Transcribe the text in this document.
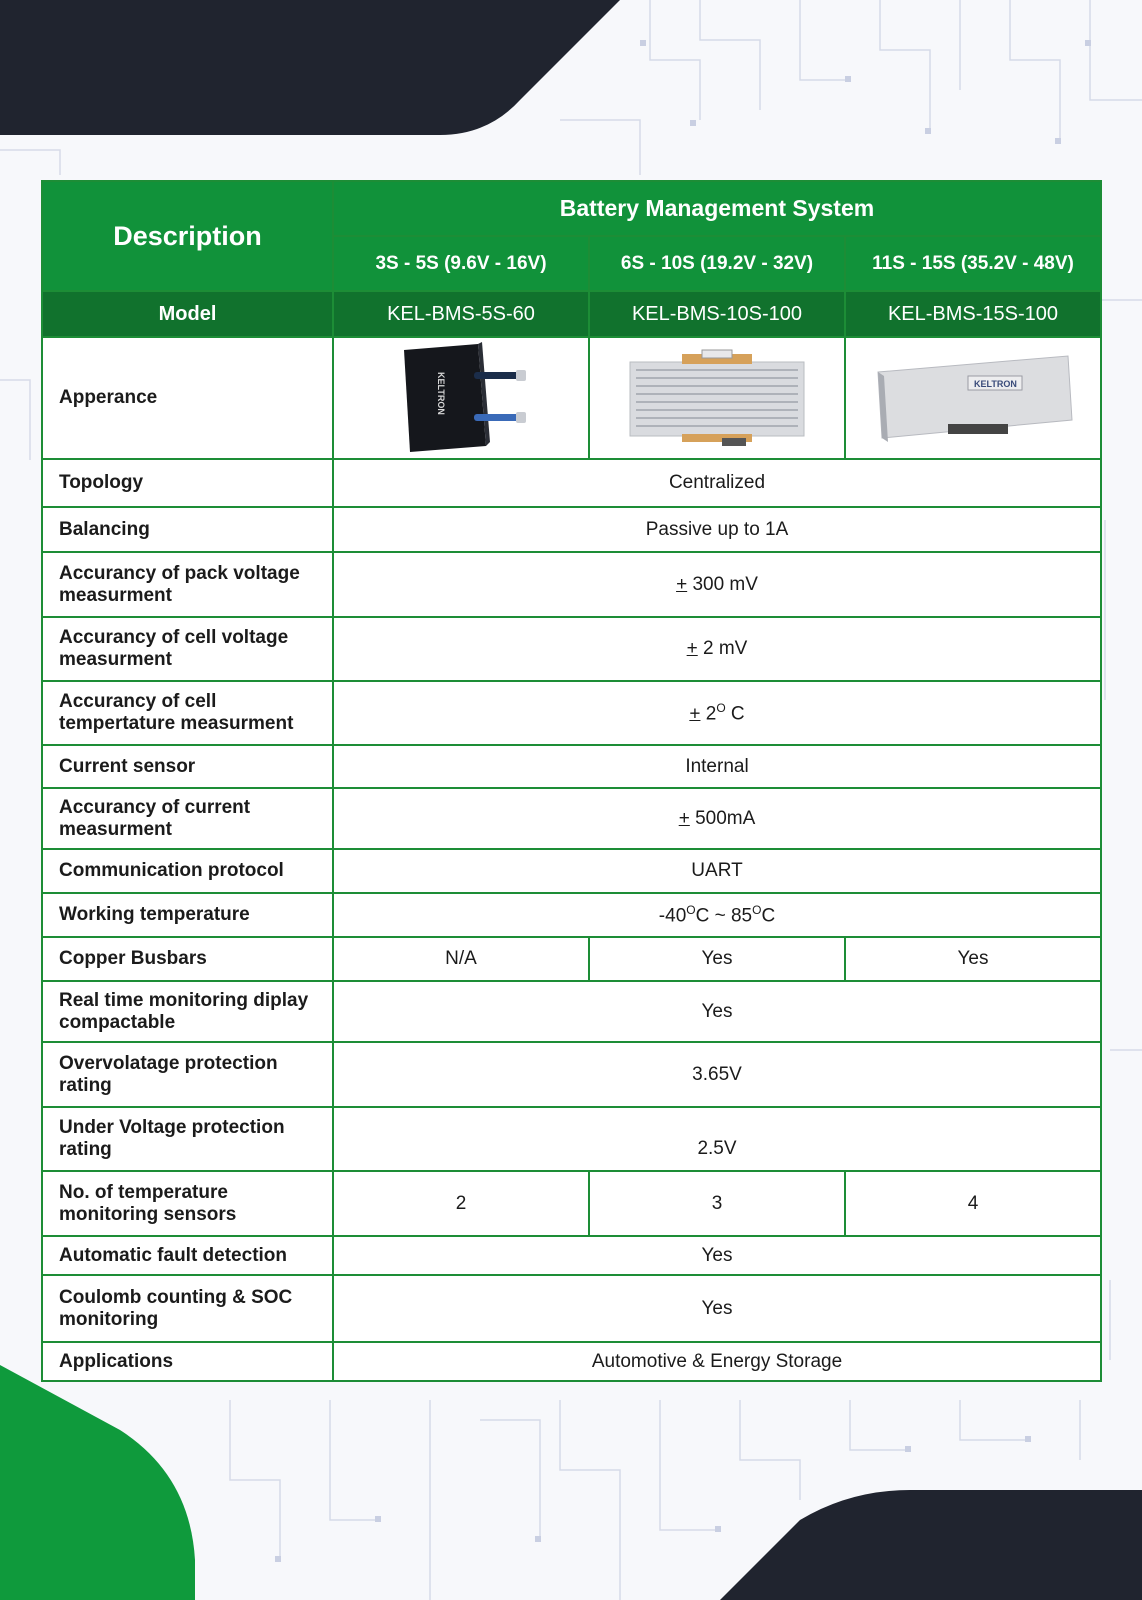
Description	Battery Management System		
	3S - 5S (9.6V - 16V)	6S - 10S (19.2V - 32V)	11S - 15S (35.2V - 48V)
Model	KEL-BMS-5S-60	KEL-BMS-10S-100	KEL-BMS-15S-100
Apperance	KELTRON		KELTRON

Topology	Centralized		
Balancing	Passive up to 1A		
Accurancy of pack voltage measurment	+ 300 mV		
Accurancy of cell voltage measurment	+ 2 mV		
Accurancy of cell tempertature measurment	+ $2^O$ C		
Current sensor	Internal		
Accurancy of current measurment	+ 500mA		
Communication protocol	UART		
Working temperature	$-40^OC$ ~ $85^OC$		
Copper Busbars	N/A	Yes	Yes
Real time monitoring diplay compactable	Yes		
Overvolatage protection rating	3.65V		
Under Voltage protection rating	2.5V		
No. of temperature monitoring sensors	2	3	4
Automatic fault detection	Yes		
Coulomb counting & SOC monitoring	Yes		
Applications	Automotive & Energy Storage		
